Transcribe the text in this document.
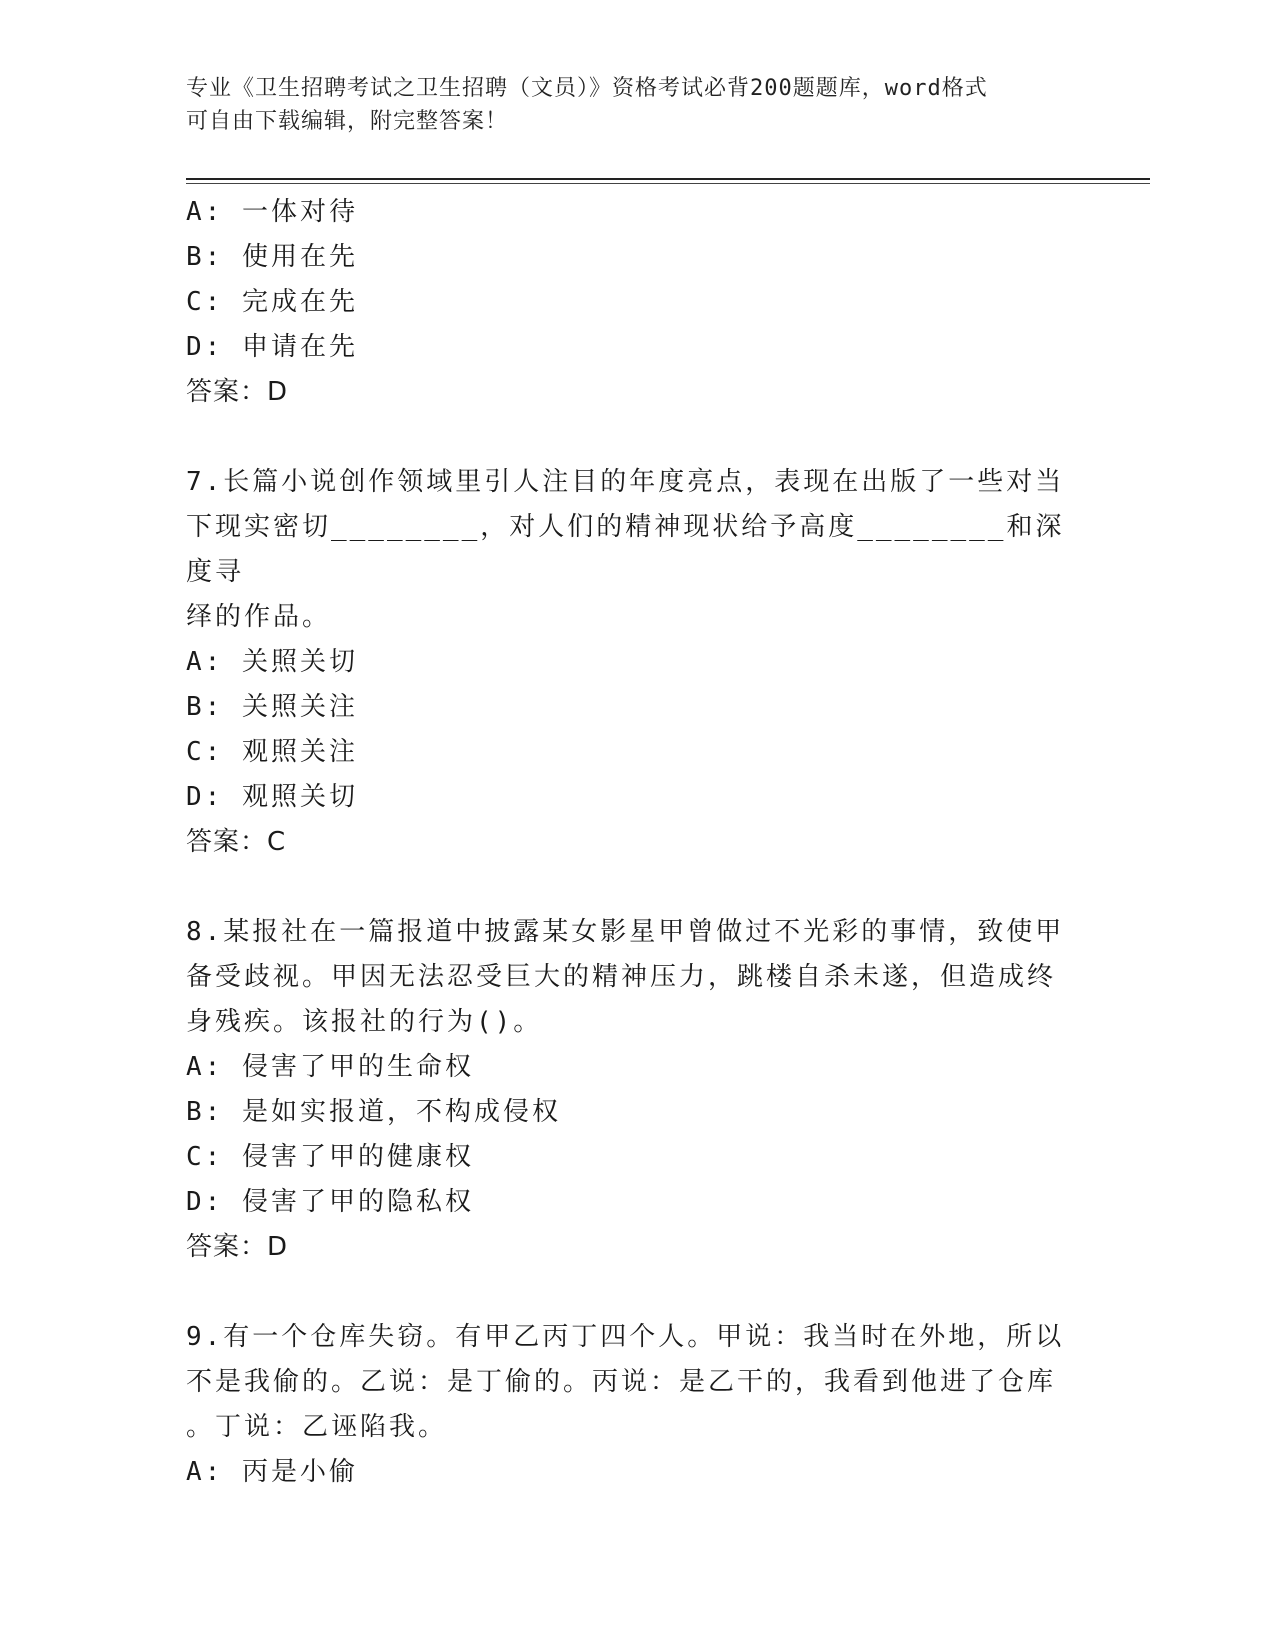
专业《卫生招聘考试之卫生招聘（文员）》资格考试必背200题题库，word格式
可自由下载编辑，附完整答案！
A: 一体对待
B: 使用在先
C: 完成在先
D: 申请在先
答案：D
7.长篇小说创作领域里引人注目的年度亮点，表现在出版了一些对当
下现实密切________，对人们的精神现状给予高度________和深度寻
绎的作品。
A: 关照关切
B: 关照关注
C: 观照关注
D: 观照关切
答案：C
8.某报社在一篇报道中披露某女影星甲曾做过不光彩的事情，致使甲
备受歧视。甲因无法忍受巨大的精神压力，跳楼自杀未遂，但造成终
身残疾。该报社的行为()。
A: 侵害了甲的生命权
B: 是如实报道，不构成侵权
C: 侵害了甲的健康权
D: 侵害了甲的隐私权
答案：D
9.有一个仓库失窃。有甲乙丙丁四个人。甲说：我当时在外地，所以
不是我偷的。乙说：是丁偷的。丙说：是乙干的，我看到他进了仓库
。丁说：乙诬陷我。
A: 丙是小偷
